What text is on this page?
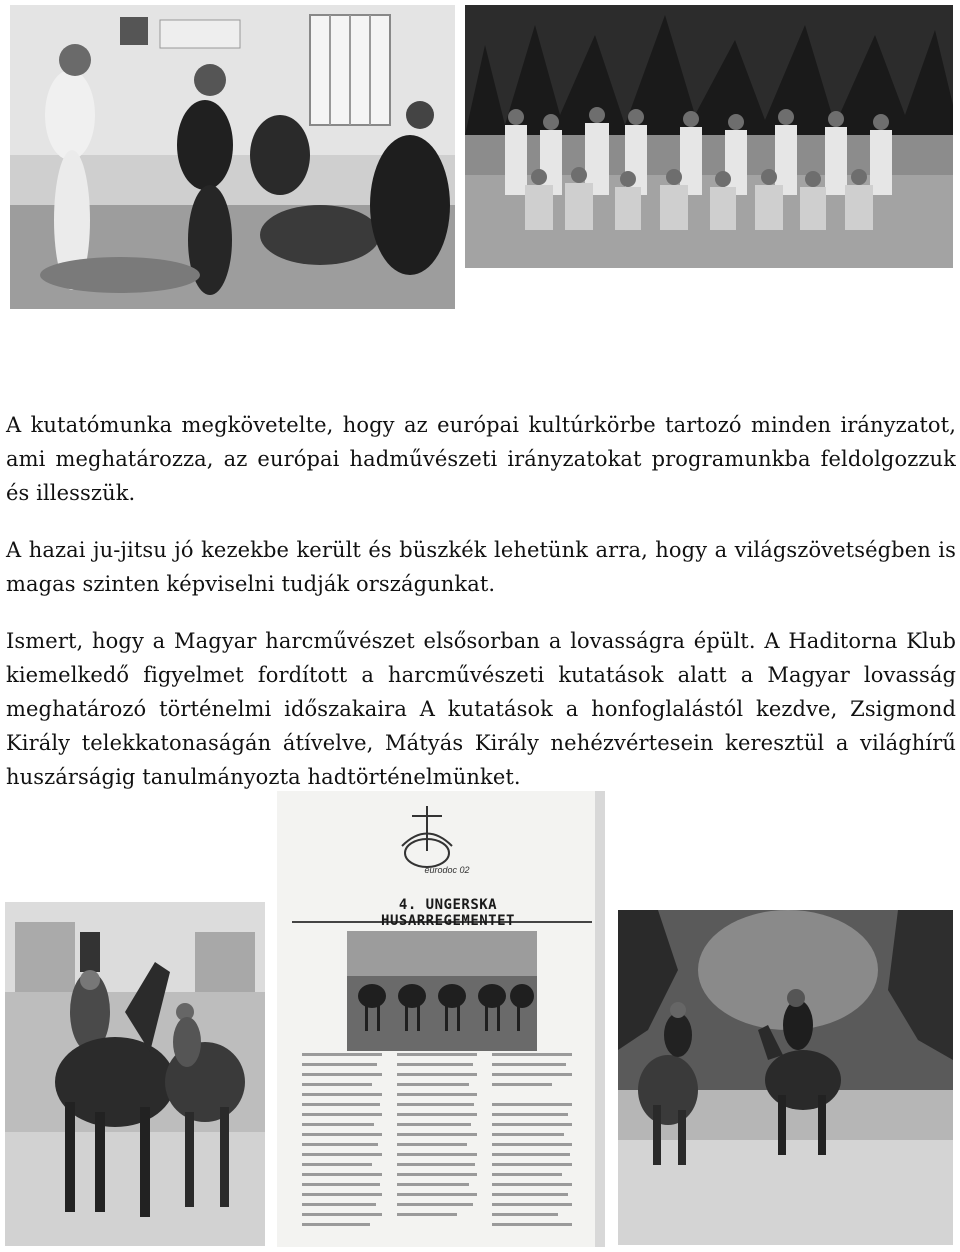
A kutatómunka megkövetelte, hogy az európai kultúrkörbe tartozó minden irányzatot, ami meghatározza, az európai hadművészeti irányzatokat programunkba feldolgozzuk és illesszük.

A hazai ju-jitsu jó kezekbe került és büszkék lehetünk arra, hogy a világszövetségben is magas szinten képviselni tudják országunkat.

Ismert, hogy a Magyar harcművészet elsősorban a lovasságra épült. A Haditorna Klub kiemelkedő figyelmet fordított a harcművészeti kutatások alatt a Magyar lovasság meghatározó történelmi időszakaira A kutatások a honfoglalástól kezdve, Zsigmond Király telekkatonaságán átívelve, Mátyás Király nehézvértesein keresztül a világhírű huszárságig tanulmányozta hadtörténelmünket.

eurodoc 02
4. UNGERSKA HUSARREGEMENTET
